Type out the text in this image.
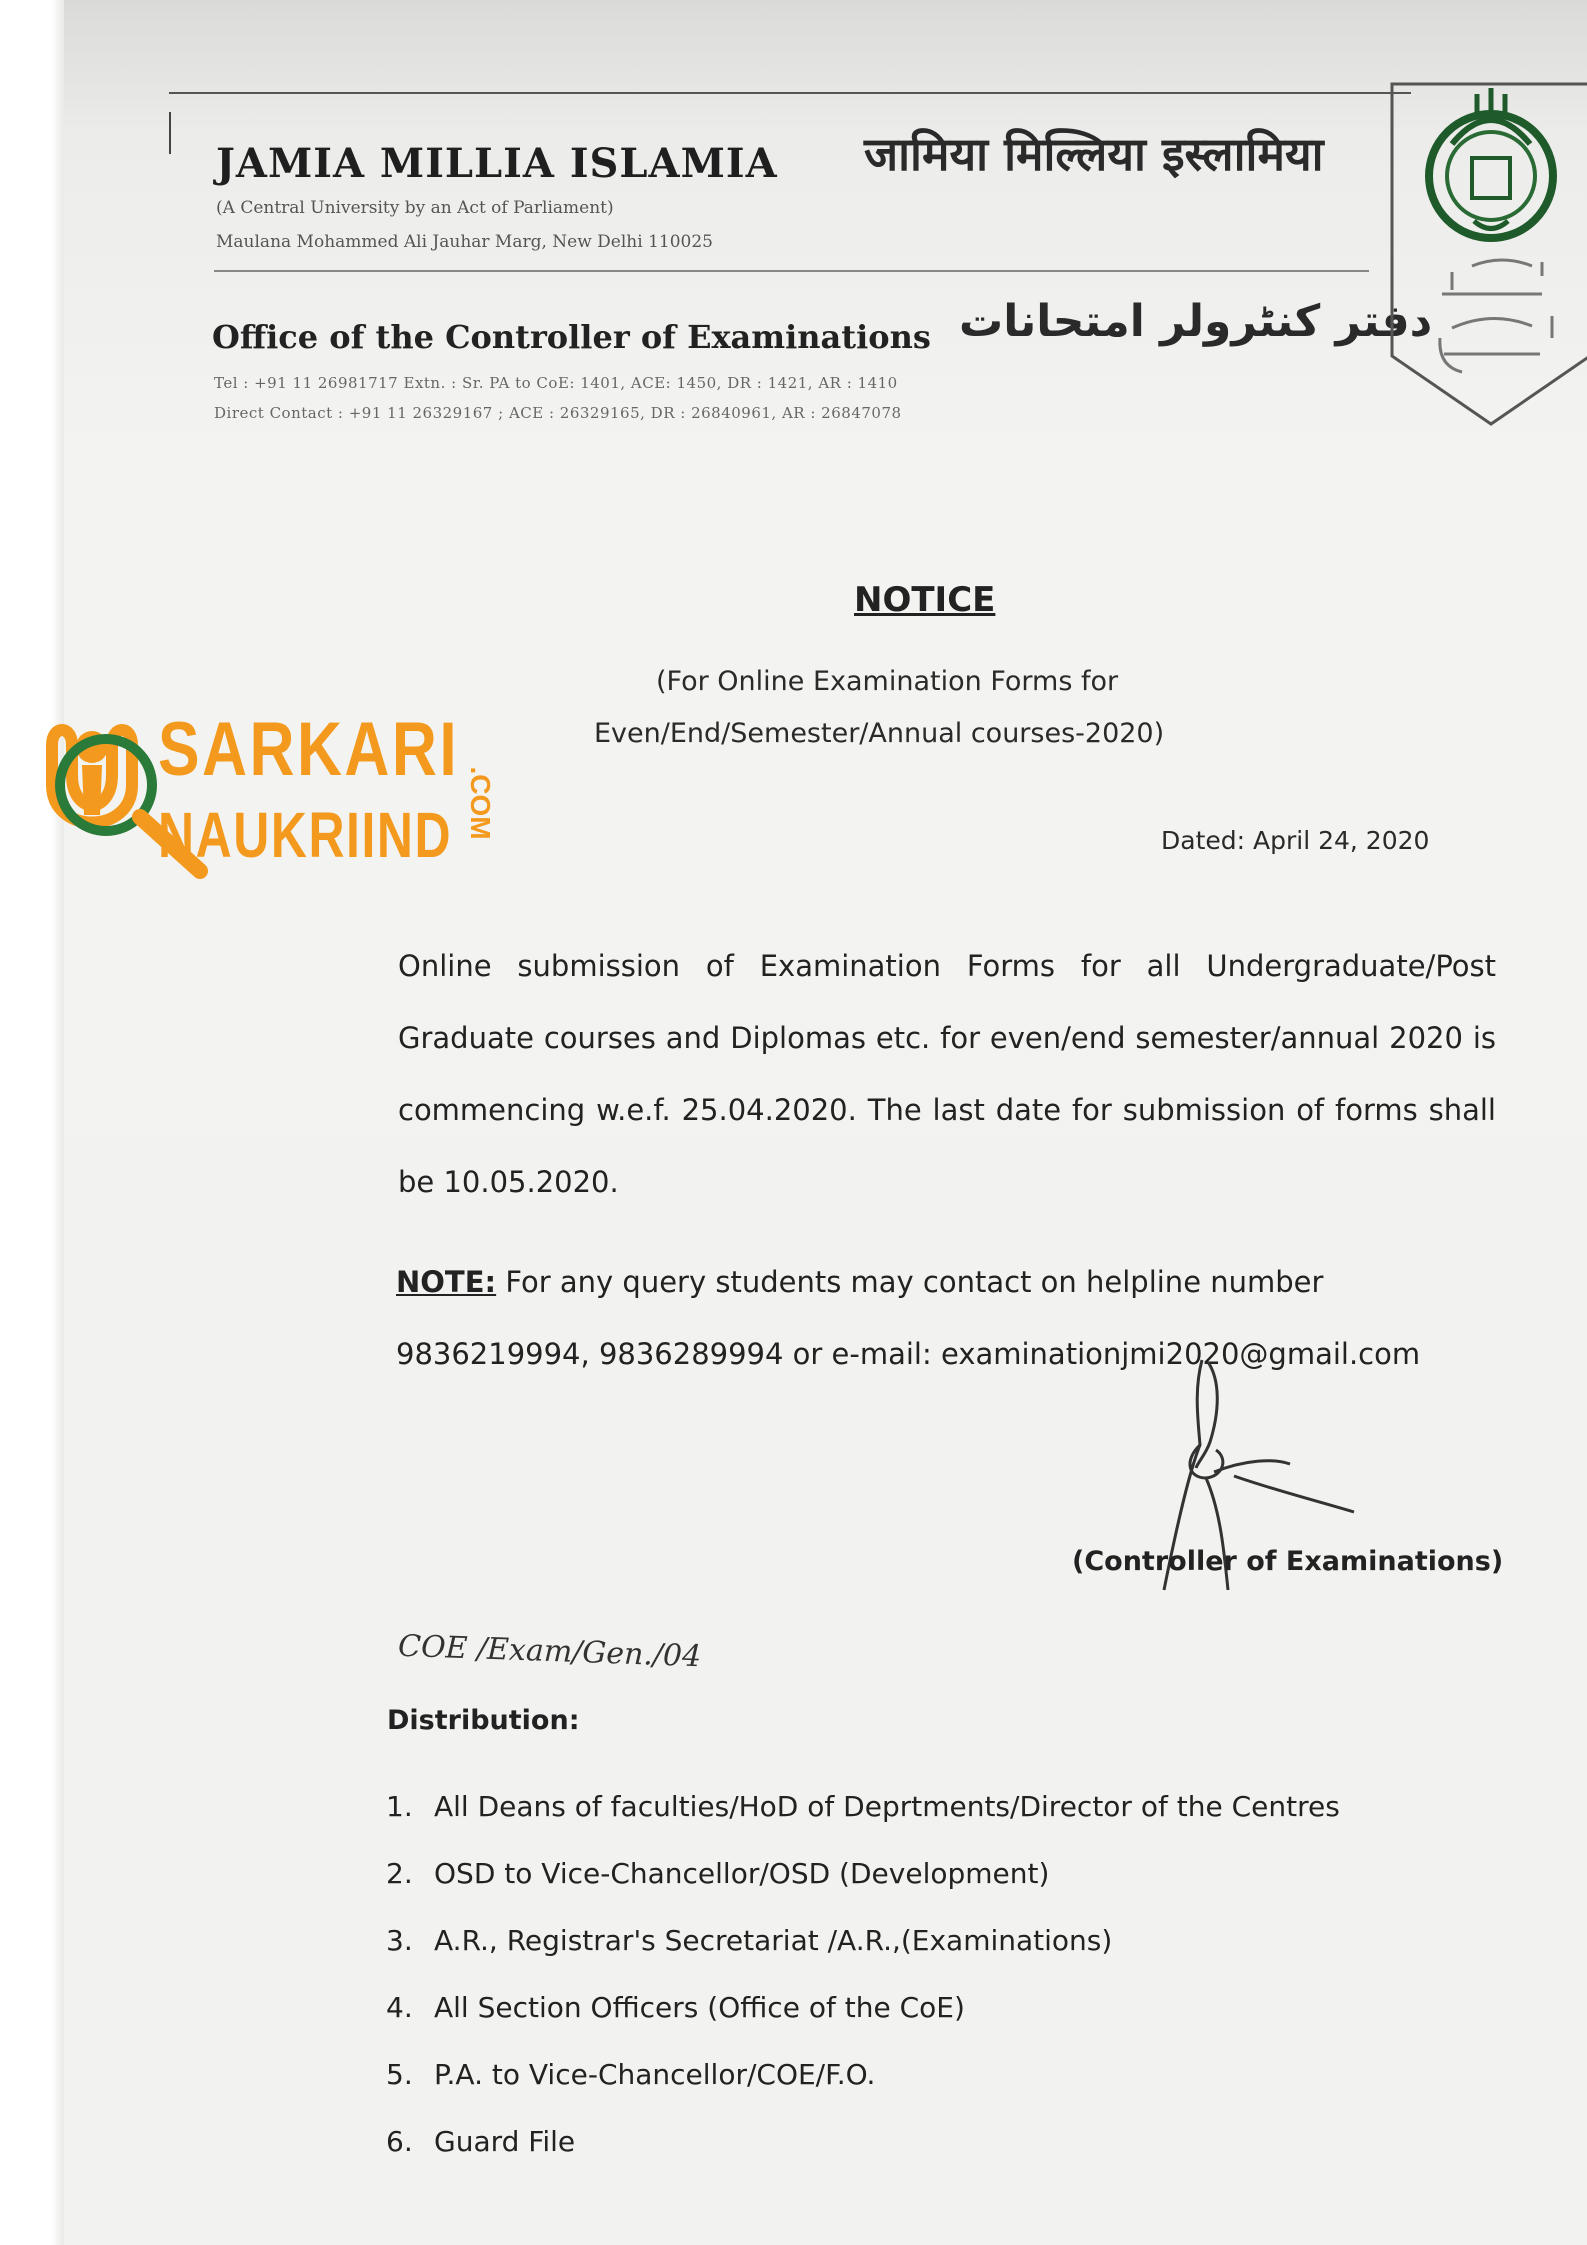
JAMIA MILLIA ISLAMIA जामिया मिल्लिया इस्लामिया
(A Central University by an Act of Parliament)
Maulana Mohammed Ali Jauhar Marg, New Delhi 110025
Office of the Controller of Examinations دفتر کنٹرولر امتحانات
Tel : +91 11 26981717 Extn. : Sr. PA to CoE: 1401, ACE: 1450, DR : 1421, AR : 1410
Direct Contact : +91 11 26329167 ; ACE : 26329165, DR : 26840961, AR : 26847078
NOTICE
(For Online Examination Forms for
Even/End/Semester/Annual courses-2020)
Dated: April 24, 2020
Online submission of Examination Forms for all Undergraduate/Post Graduate courses and Diplomas etc. for even/end semester/annual 2020 is commencing w.e.f. 25.04.2020. The last date for submission of forms shall be 10.05.2020.
NOTE: For any query students may contact on helpline number 9836219994, 9836289994 or e-mail: examinationjmi2020@gmail.com
(Controller of Examinations)
COE /Exam/Gen./04
Distribution:
1. All Deans of faculties/HoD of Deprtments/Director of the Centres
2. OSD to Vice-Chancellor/OSD (Development)
3. A.R., Registrar's Secretariat /A.R.,(Examinations)
4. All Section Officers (Office of the CoE)
5. P.A. to Vice-Chancellor/COE/F.O.
6. Guard File
SARKARI
NAUKRIIND .COM
